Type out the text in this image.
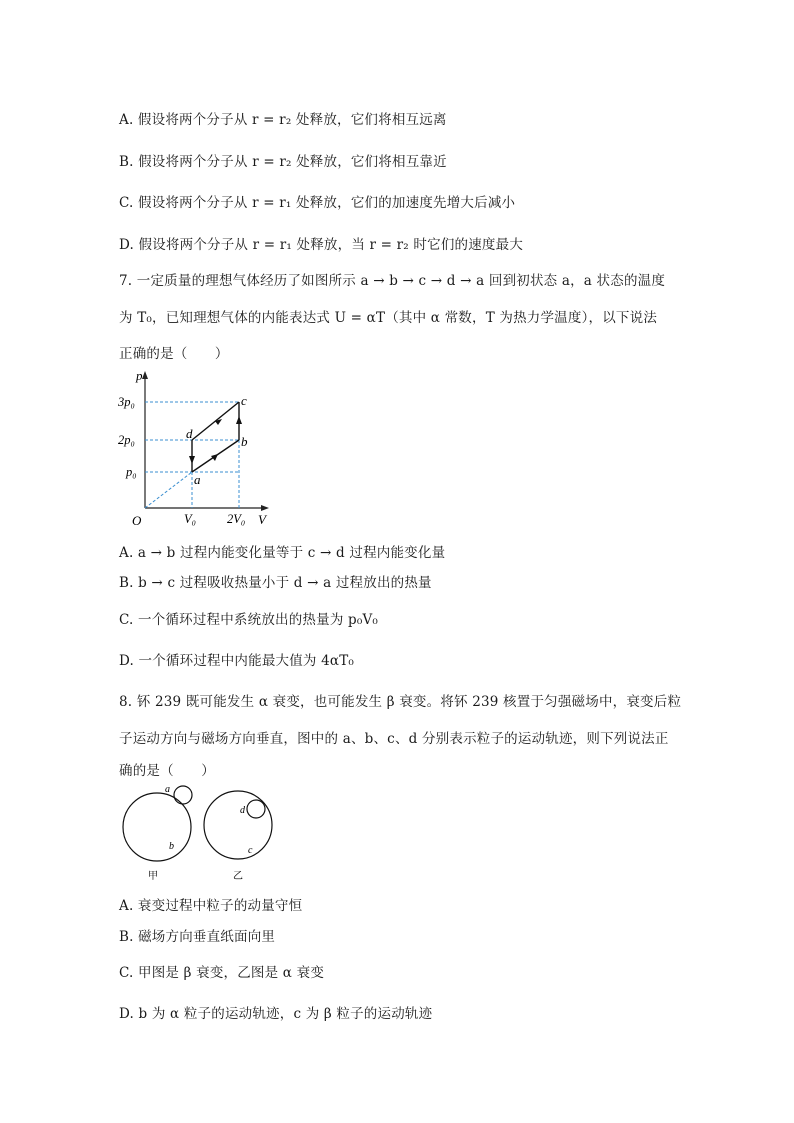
A. 假设将两个分子从 r = r₂ 处释放，它们将相互远离
B. 假设将两个分子从 r = r₂ 处释放，它们将相互靠近
C. 假设将两个分子从 r = r₁ 处释放，它们的加速度先增大后减小
D. 假设将两个分子从 r = r₁ 处释放，当 r = r₂ 时它们的速度最大
7. 一定质量的理想气体经历了如图所示 a → b → c → d → a 回到初状态 a，a 状态的温度
为 T₀，已知理想气体的内能表达式 U = αT（其中 α 常数，T 为热力学温度），以下说法
正确的是（　　）
p
V
O
3p₀
2p₀
p₀
V₀ 2V₀
a
b
c
d
A. a → b 过程内能变化量等于 c → d 过程内能变化量
B. b → c 过程吸收热量小于 d → a 过程放出的热量
C. 一个循环过程中系统放出的热量为 p₀V₀
D. 一个循环过程中内能最大值为 4αT₀
8. 钚 239 既可能发生 α 衰变，也可能发生 β 衰变。将钚 239 核置于匀强磁场中，衰变后粒
子运动方向与磁场方向垂直，图中的 a、b、c、d 分别表示粒子的运动轨迹，则下列说法正
确的是（　　）
a
b
甲
d
c
乙
A. 衰变过程中粒子的动量守恒
B. 磁场方向垂直纸面向里
C. 甲图是 β 衰变，乙图是 α 衰变
D. b 为 α 粒子的运动轨迹，c 为 β 粒子的运动轨迹
